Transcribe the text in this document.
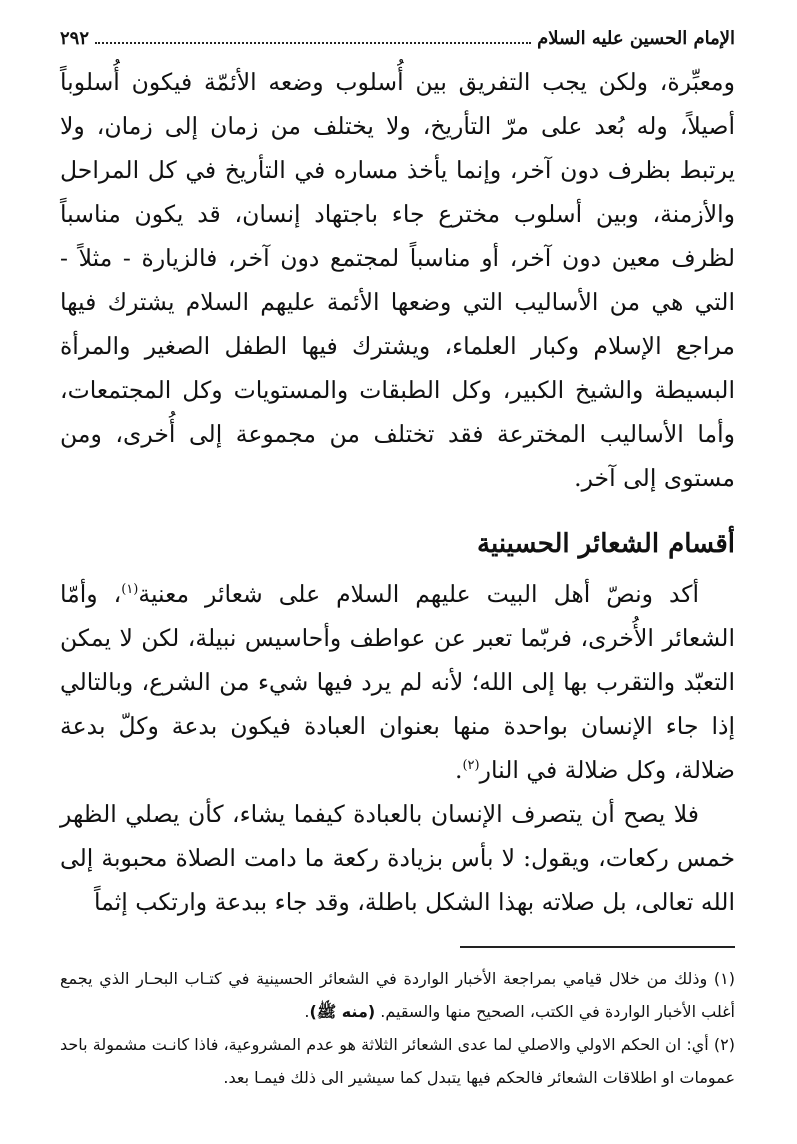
الإمام الحسين عليه السلام
٢٩٢

ومعبِّرة، ولكن يجب التفريق بين أُسلوب وضعه الأئمّة فيكون أُسلوباً أصيلاً، وله بُعد على مرّ التأريخ، ولا يختلف من زمان إلى زمان، ولا يرتبط بظرف دون آخر، وإنما يأخذ مساره في التأريخ في كل المراحل والأزمنة، وبين أسلوب مخترع جاء باجتهاد إنسان، قد يكون مناسباً لظرف معين دون آخر، أو مناسباً لمجتمع دون آخر، فالزيارة - مثلاً - التي هي من الأساليب التي وضعها الأئمة عليهم السلام يشترك فيها مراجع الإسلام وكبار العلماء، ويشترك فيها الطفل الصغير والمرأة البسيطة والشيخ الكبير، وكل الطبقات والمستويات وكل المجتمعات، وأما الأساليب المخترعة فقد تختلف من مجموعة إلى أُخرى، ومن مستوى إلى آخر.

أقسام الشعائر الحسينية

أكد ونصّ أهل البيت عليهم السلام على شعائر معنية$^{(١)}$، وأمّا الشعائر الأُخرى، فربّما تعبر عن عواطف وأحاسيس نبيلة، لكن لا يمكن التعبّد والتقرب بها إلى الله؛ لأنه لم يرد فيها شيء من الشرع، وبالتالي إذا جاء الإنسان بواحدة منها بعنوان العبادة فيكون بدعة وكلّ بدعة ضلالة، وكل ضلالة في النار$^{(٢)}$.

فلا يصح أن يتصرف الإنسان بالعبادة كيفما يشاء، كأن يصلي الظهر خمس ركعات، ويقول: لا بأس بزيادة ركعة ما دامت الصلاة محبوبة إلى الله تعالى، بل صلاته بهذا الشكل باطلة، وقد جاء ببدعة وارتكب إثماً

(١) وذلك من خلال قيامي بمراجعة الأخبار الواردة في الشعائر الحسينية في كتـاب البحـار الذي يجمع أغلب الأخبار الواردة في الكتب، الصحيح منها والسقيم. (منه ﷺ).

(٢) أي: ان الحكم الاولي والاصلي لما عدى الشعائر الثلاثة هو عدم المشروعية، فاذا كانـت مشمولة باحد عمومات او اطلاقات الشعائر فالحكم فيها يتبدل كما سيشير الى ذلك فيمـا بعد.
